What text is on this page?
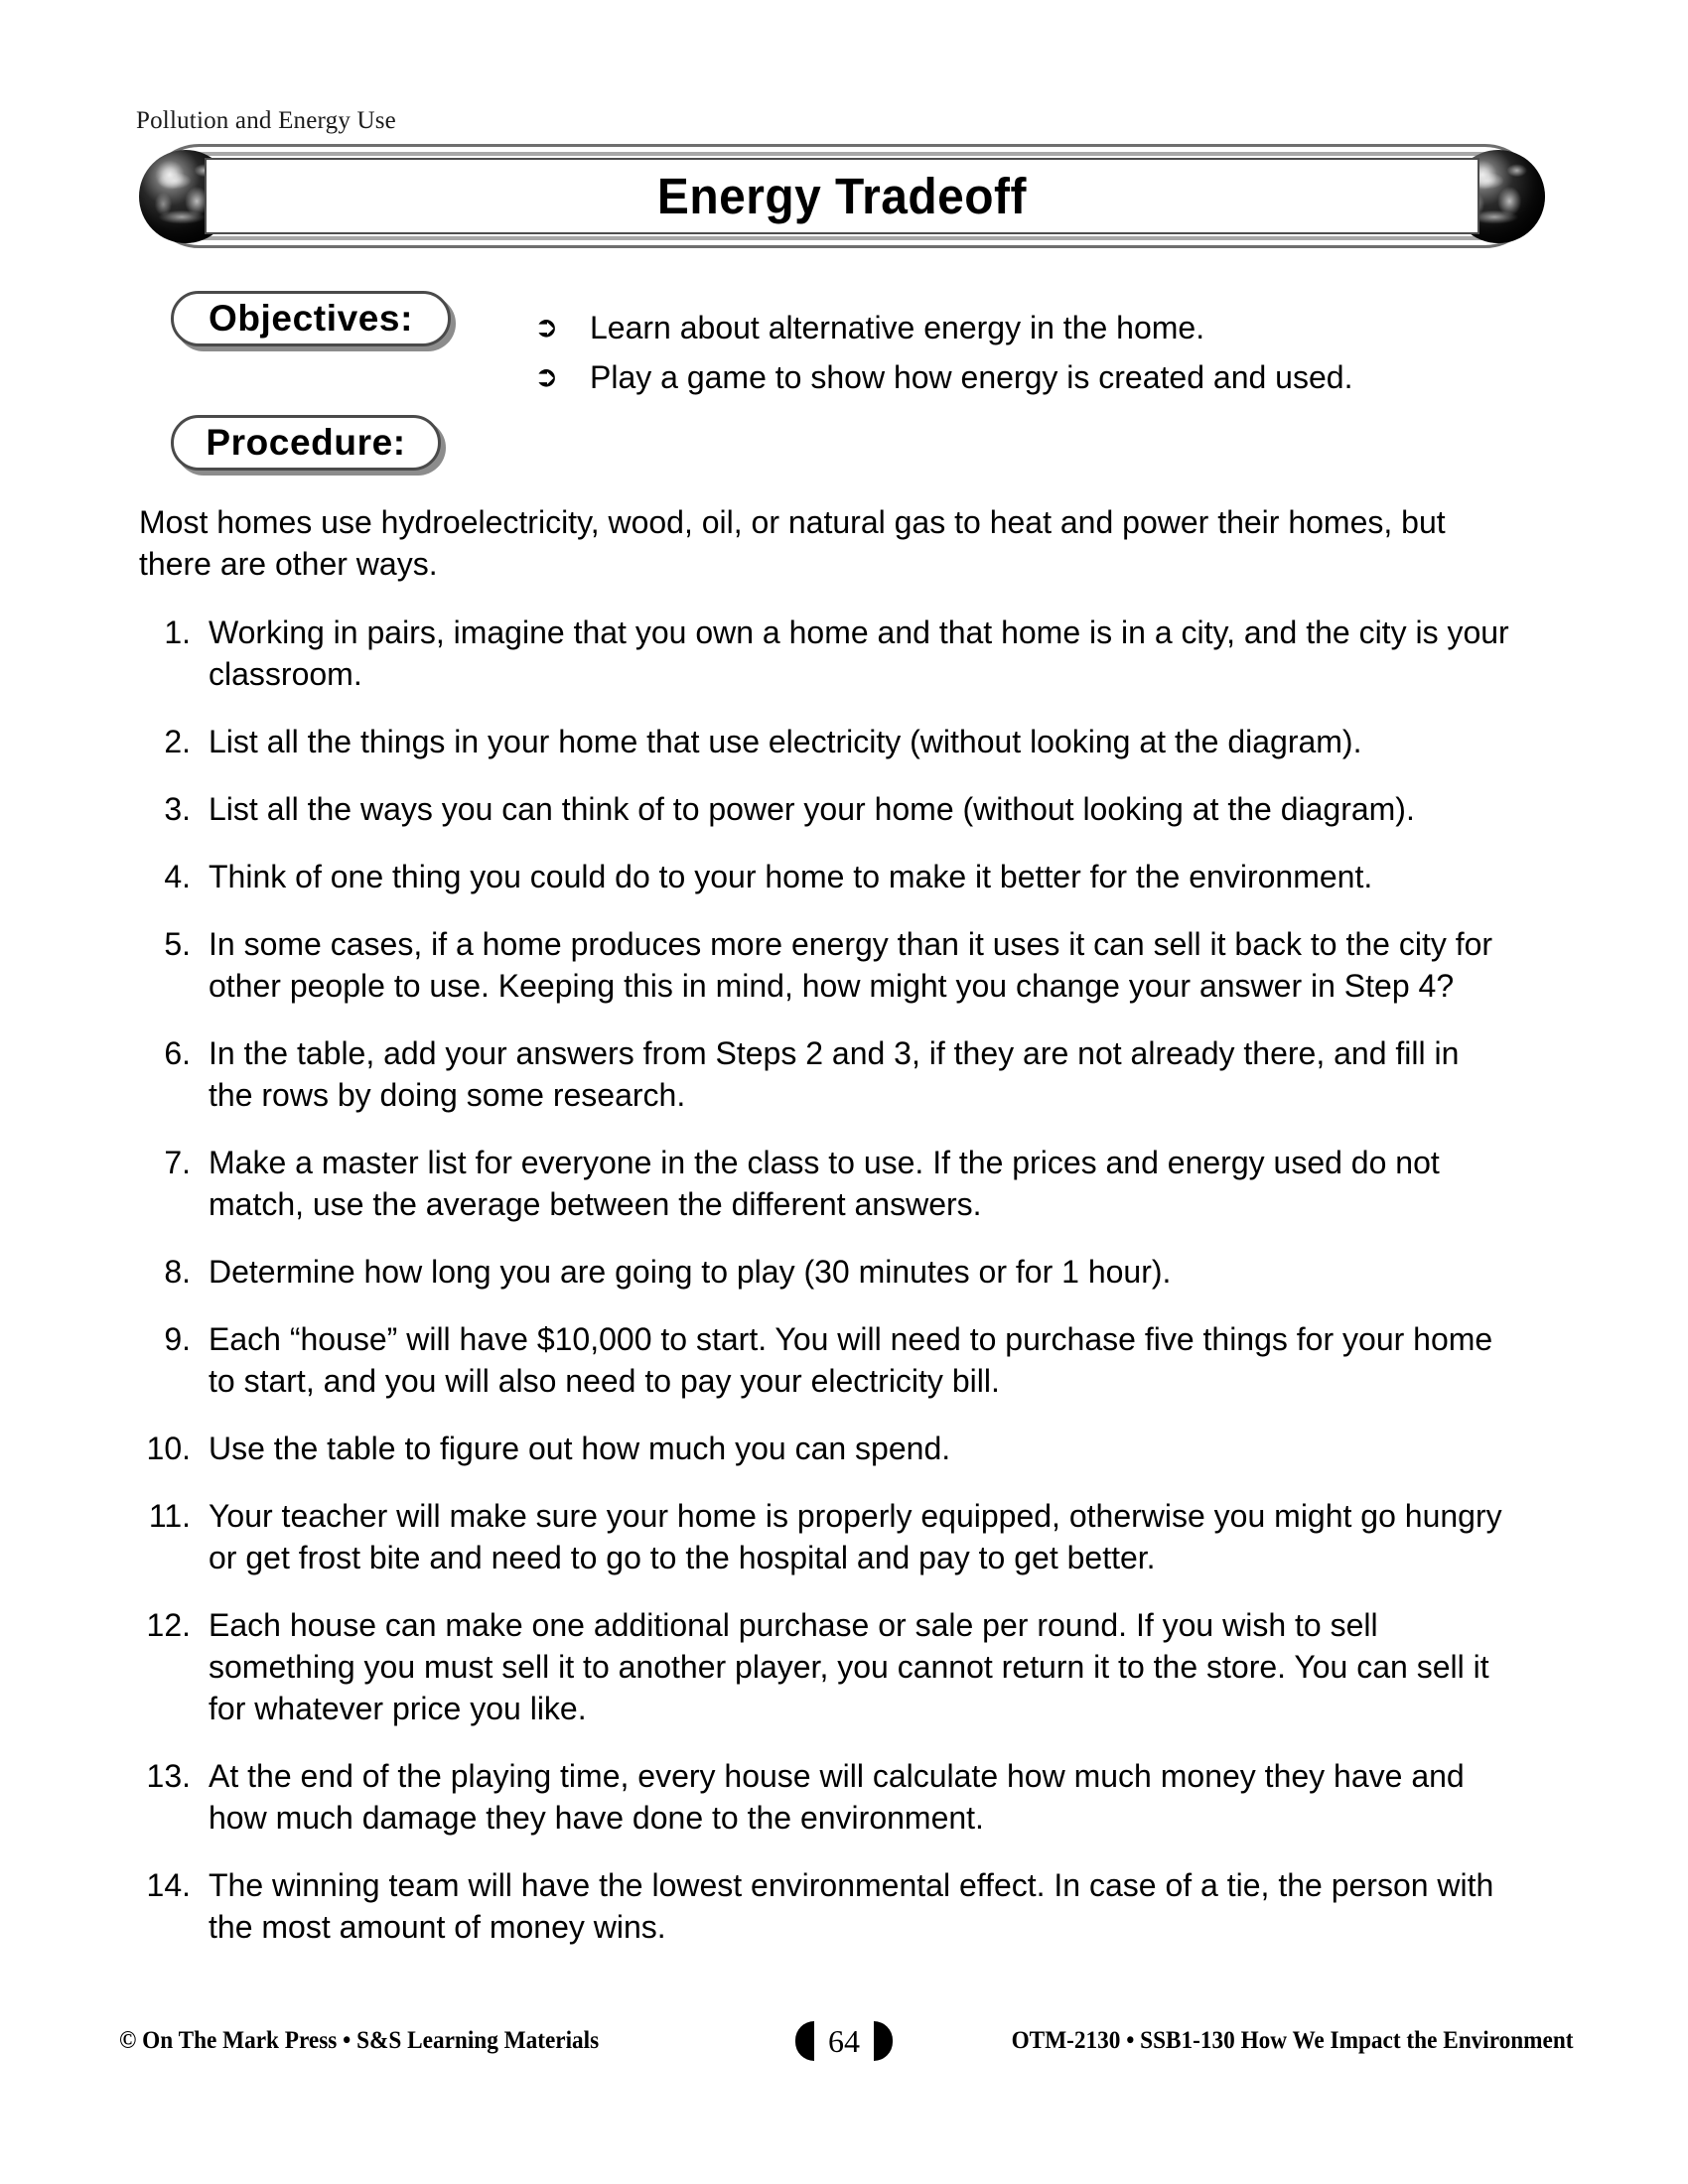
Pollution and Energy Use
Energy Tradeoff
Objectives:	➲ Learn about alternative energy in the home.
➲ Play a game to show how energy is created and used.
Procedure:
Most homes use hydroelectricity, wood, oil, or natural gas to heat and power their homes, but there are other ways.
1. Working in pairs, imagine that you own a home and that home is in a city, and the city is your classroom.
2. List all the things in your home that use electricity (without looking at the diagram).
3. List all the ways you can think of to power your home (without looking at the diagram).
4. Think of one thing you could do to your home to make it better for the environment.
5. In some cases, if a home produces more energy than it uses it can sell it back to the city for other people to use. Keeping this in mind, how might you change your answer in Step 4?
6. In the table, add your answers from Steps 2 and 3, if they are not already there, and fill in the rows by doing some research.
7. Make a master list for everyone in the class to use. If the prices and energy used do not match, use the average between the different answers.
8. Determine how long you are going to play (30 minutes or for 1 hour).
9. Each “house” will have $10,000 to start. You will need to purchase five things for your home to start, and you will also need to pay your electricity bill.
10. Use the table to figure out how much you can spend.
11. Your teacher will make sure your home is properly equipped, otherwise you might go hungry or get frost bite and need to go to the hospital and pay to get better.
12. Each house can make one additional purchase or sale per round. If you wish to sell something you must sell it to another player, you cannot return it to the store. You can sell it for whatever price you like.
13. At the end of the playing time, every house will calculate how much money they have and how much damage they have done to the environment.
14. The winning team will have the lowest environmental effect. In case of a tie, the person with the most amount of money wins.
© On The Mark Press • S&S Learning Materials	64	OTM-2130 • SSB1-130 How We Impact the Environment
